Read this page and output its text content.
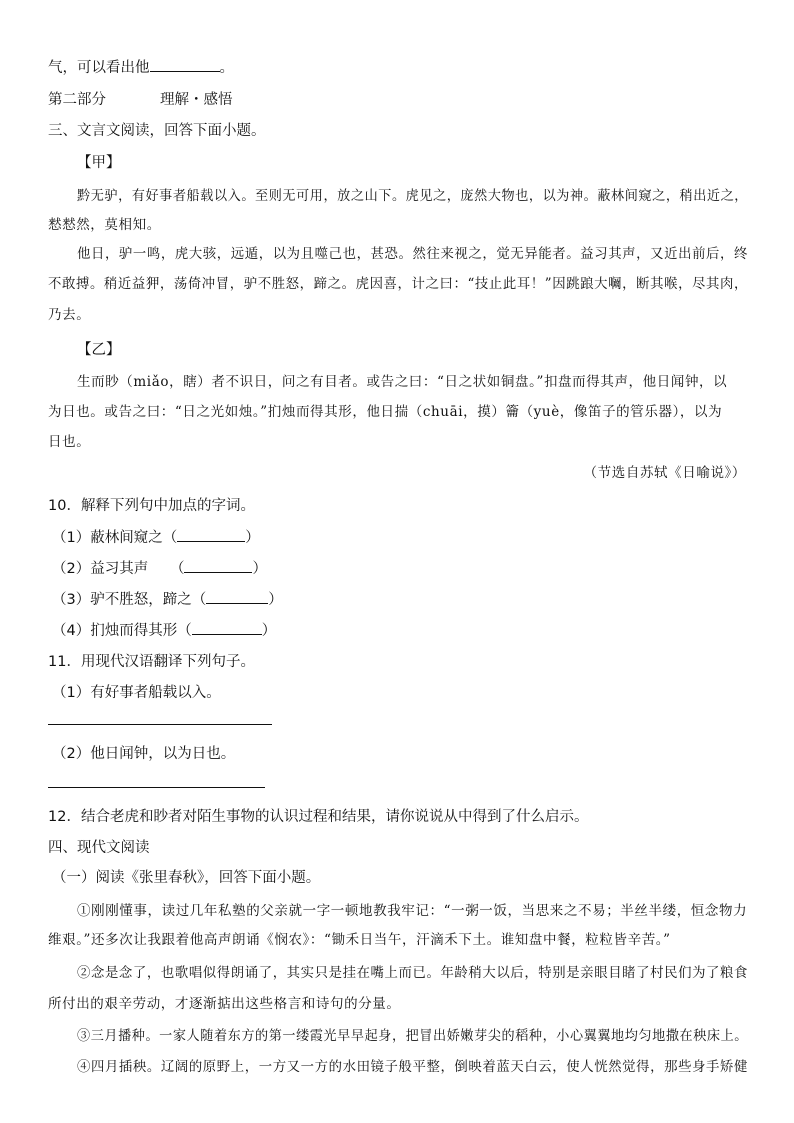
气，可以看出他	。
第二部分	理解・感悟
三、文言文阅读，回答下面小题。
【甲】
黔无驴，有好事者船载以入。至则无可用，放之山下。虎见之，庞然大物也，以为神。蔽林间窥之，稍出近之，
慭慭然，莫相知。
他日，驴一鸣，虎大骇，远遁，以为且噬己也，甚恐。然往来视之，觉无异能者。益习其声，又近出前后，终
不敢搏。稍近益狎，荡倚冲冒，驴不胜怒，蹄之。虎因喜，计之曰：“技止此耳！”因跳踉大㘎，断其喉，尽其肉，
乃去。
【乙】
生而眇（miǎo，瞎）者不识日，问之有目者。或告之曰：“日之状如铜盘。”扣盘而得其声，他日闻钟，以
为日也。或告之曰：“日之光如烛。”扪烛而得其形，他日揣（chuāi，摸）籥（yuè，像笛子的管乐器），以为
日也。
（节选自苏轼《日喻说》）
10．解释下列句中加点的字词。
（1）蔽林间窥之（	）
（2）益习其声　　（	）
（3）驴不胜怒，蹄之（	）
（4）扪烛而得其形（	）
11．用现代汉语翻译下列句子。
（1）有好事者船载以入。
（2）他日闻钟，以为日也。
12．结合老虎和眇者对陌生事物的认识过程和结果，请你说说从中得到了什么启示。
四、现代文阅读
（一）阅读《张里春秋》，回答下面小题。
①刚刚懂事，读过几年私塾的父亲就一字一顿地教我牢记：“一粥一饭，当思来之不易；半丝半缕，恒念物力
维艰。”还多次让我跟着他高声朗诵《悯农》：“锄禾日当午，汗滴禾下土。谁知盘中餐，粒粒皆辛苦。”
②念是念了，也歌唱似得朗诵了，其实只是挂在嘴上而已。年龄稍大以后，特别是亲眼目睹了村民们为了粮食
所付出的艰辛劳动，才逐渐掂出这些格言和诗句的分量。
③三月播种。一家人随着东方的第一缕霞光早早起身，把冒出娇嫩芽尖的稻种，小心翼翼地均匀地撒在秧床上。
④四月插秧。辽阔的原野上，一方又一方的水田镜子般平整，倒映着蓝天白云，使人恍然觉得，那些身手矫健
